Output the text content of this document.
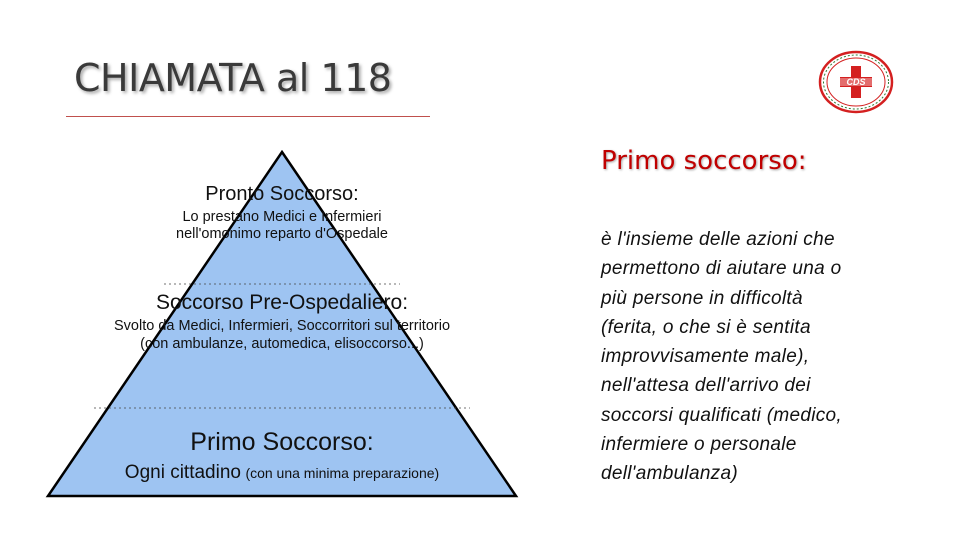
CHIAMATA al 118	CDS
Pronto Soccorso:
Lo prestano Medici e Infermieri
nell'omonimo reparto d'Ospedale
Soccorso Pre-Ospedaliero:
Svolto da Medici, Infermieri, Soccorritori sul territorio
(con ambulanze, automedica, elisoccorso...)
Primo Soccorso:
Ogni cittadino (con una minima preparazione)
Primo soccorso:
è l'insieme delle azioni che
permettono di aiutare una o
più persone in difficoltà
(ferita, o che si è sentita
improvvisamente male),
nell'attesa dell'arrivo dei
soccorsi qualificati (medico,
infermiere o personale
dell'ambulanza)
